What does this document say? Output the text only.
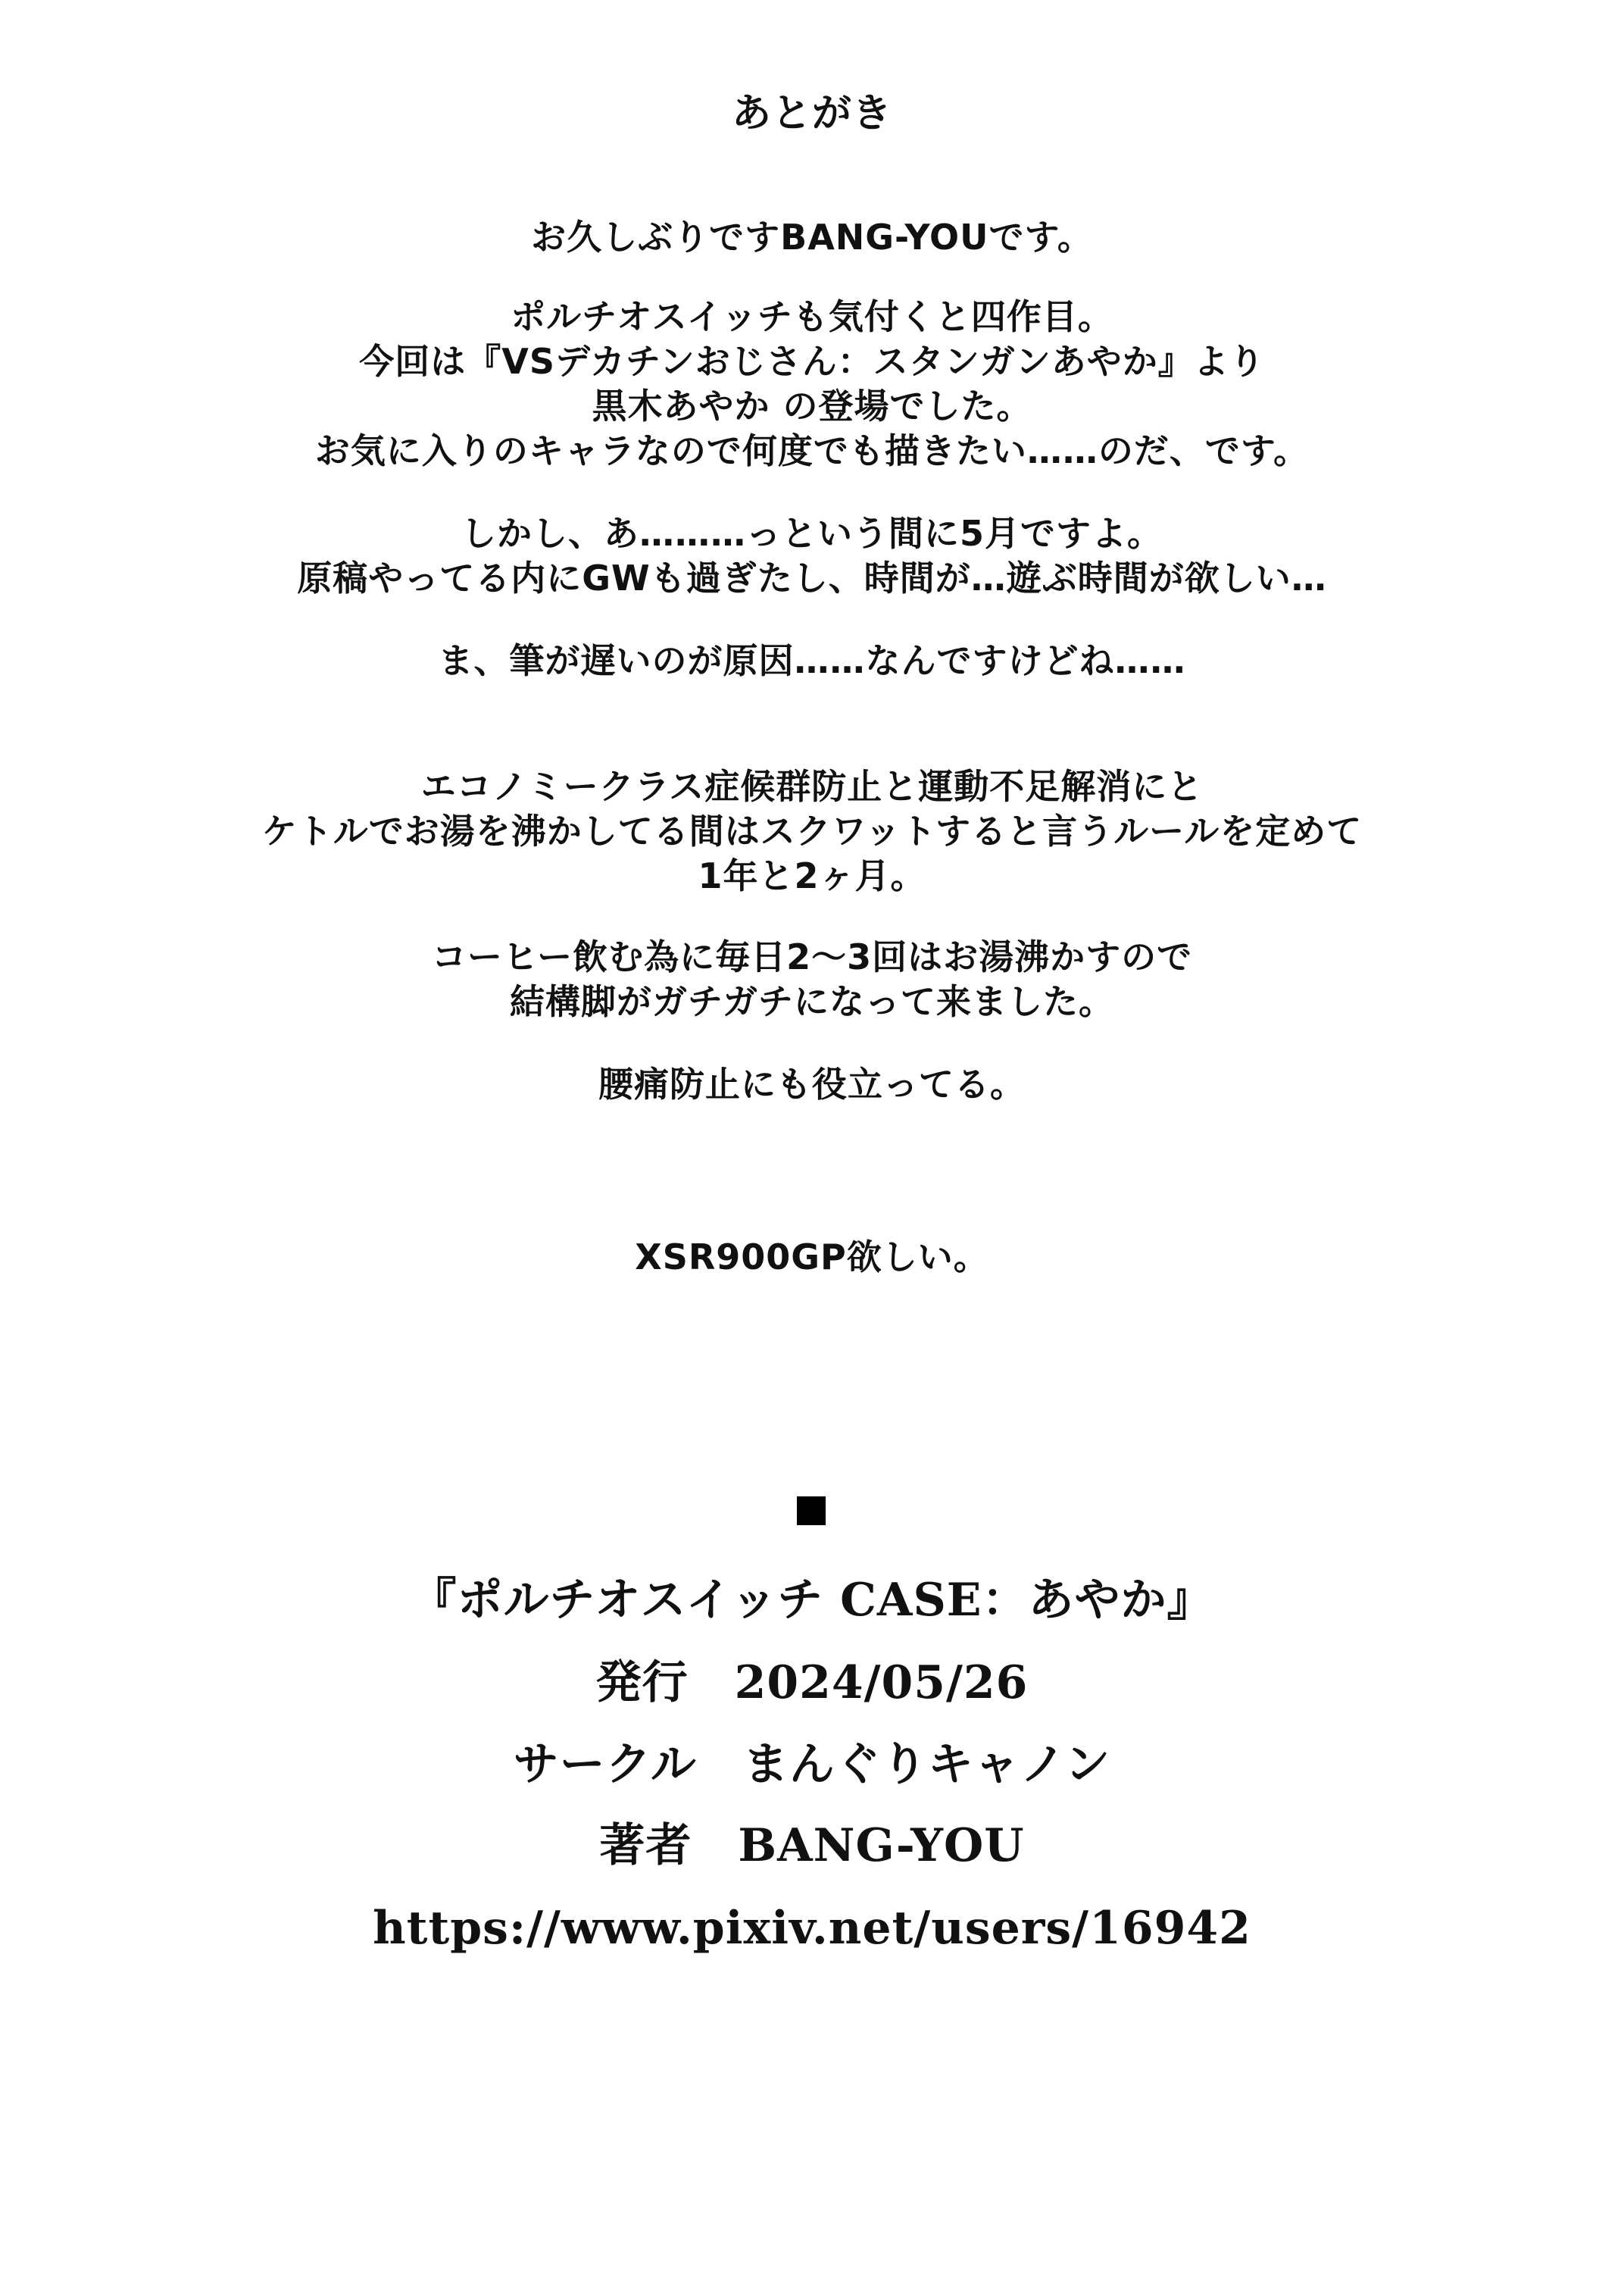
あとがき
お久しぶりですBANG-YOUです。
ポルチオスイッチも気付くと四作目。
今回は『VSデカチンおじさん：スタンガンあやか』より
黒木あやか の登場でした。
お気に入りのキャラなので何度でも描きたい……のだ、です。
しかし、あ………っという間に5月ですよ。
原稿やってる内にGWも過ぎたし、時間が…遊ぶ時間が欲しい…
ま、筆が遅いのが原因……なんですけどね……
エコノミークラス症候群防止と運動不足解消にと
ケトルでお湯を沸かしてる間はスクワットすると言うルールを定めて
1年と2ヶ月。
コーヒー飲む為に毎日2～3回はお湯沸かすので
結構脚がガチガチになって来ました。
腰痛防止にも役立ってる。
XSR900GP欲しい。
『ポルチオスイッチ CASE：あやか』
発行　2024/05/26
サークル　まんぐりキャノン
著者　BANG-YOU
https://www.pixiv.net/users/16942
